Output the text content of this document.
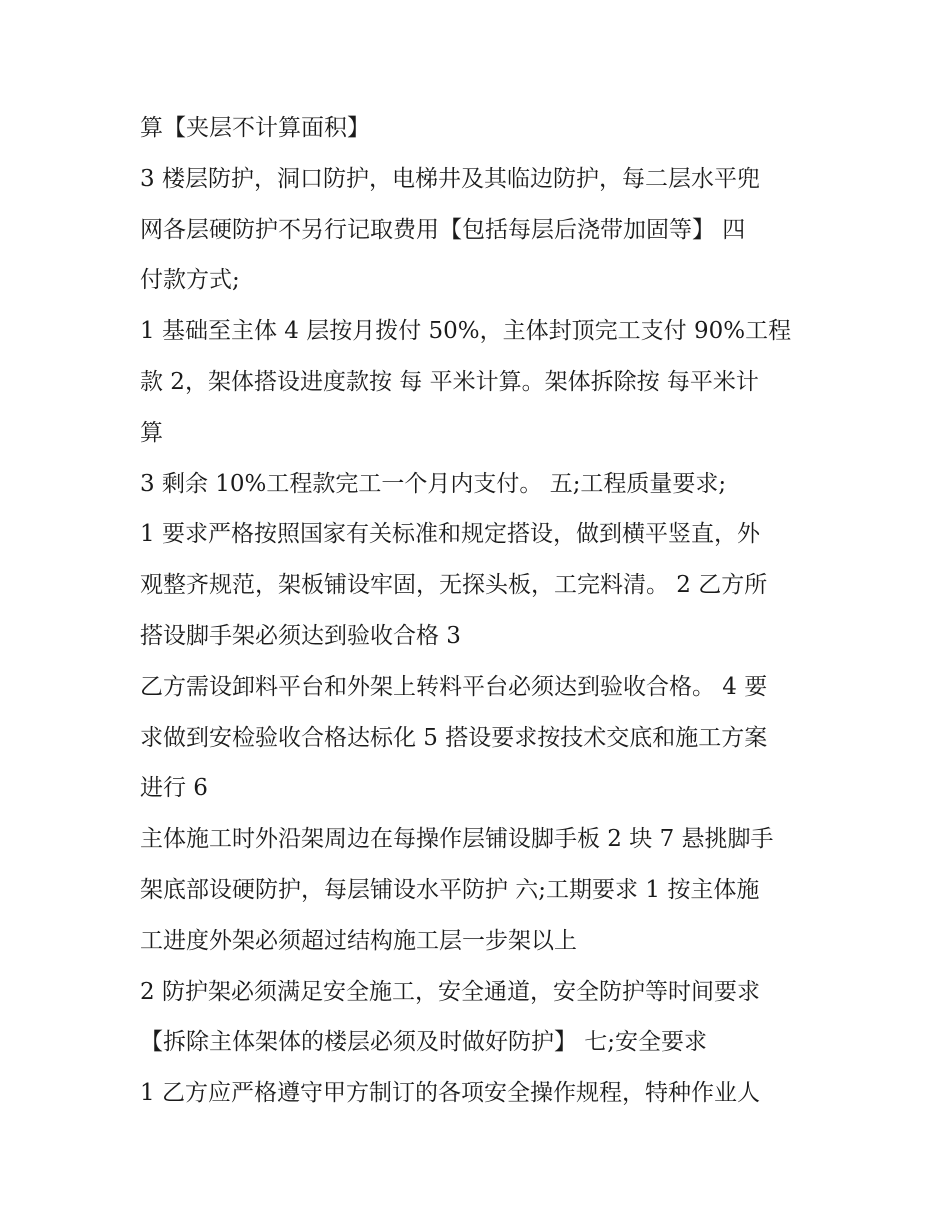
算【夹层不计算面积】
3 楼层防护，洞口防护，电梯井及其临边防护，每二层水平兜
网各层硬防护不另行记取费用【包括每层后浇带加固等】 四
付款方式;
1 基础至主体 4 层按月拨付 50%，主体封顶完工支付 90%工程
款 2，架体搭设进度款按 每 平米计算。架体拆除按 每平米计
算
3 剩余 10%工程款完工一个月内支付。 五;工程质量要求;
1 要求严格按照国家有关标准和规定搭设，做到横平竖直，外
观整齐规范，架板铺设牢固，无探头板，工完料清。 2 乙方所
搭设脚手架必须达到验收合格 3
乙方需设卸料平台和外架上转料平台必须达到验收合格。 4 要
求做到安检验收合格达标化 5 搭设要求按技术交底和施工方案
进行 6
主体施工时外沿架周边在每操作层铺设脚手板 2 块 7 悬挑脚手
架底部设硬防护，每层铺设水平防护 六;工期要求 1 按主体施
工进度外架必须超过结构施工层一步架以上
2 防护架必须满足安全施工，安全通道，安全防护等时间要求
【拆除主体架体的楼层必须及时做好防护】 七;安全要求
1 乙方应严格遵守甲方制订的各项安全操作规程，特种作业人
